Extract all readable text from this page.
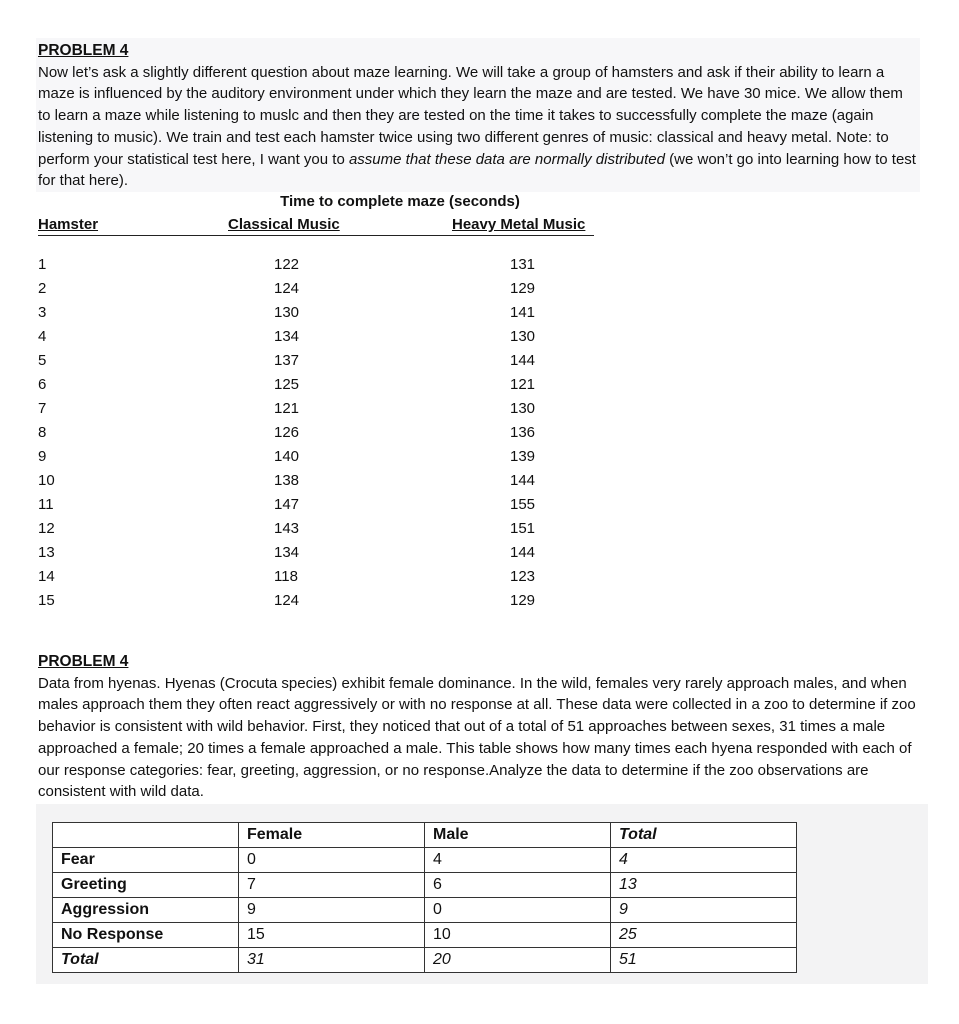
PROBLEM 4
Now let’s ask a slightly different question about maze learning. We will take a group of hamsters and ask if their ability to learn a maze is influenced by the auditory environment under which they learn the maze and are tested. We have 30 mice. We allow them to learn a maze while listening to muslc and then they are tested on the time it takes to successfully complete the maze (again listening to music). We train and test each hamster twice using two different genres of music: classical and heavy metal. Note: to perform your statistical test here, I want you to assume that these data are normally distributed (we won’t go into learning how to test for that here).
Time to complete maze (seconds)
Hamster	Classical Music	Heavy Metal Music
1	122	131
2	124	129
3	130	141
4	134	130
5	137	144
6	125	121
7	121	130
8	126	136
9	140	139
10	138	144
11	147	155
12	143	151
13	134	144
14	118	123
15	124	129
PROBLEM 4
Data from hyenas. Hyenas (Crocuta species) exhibit female dominance. In the wild, females very rarely approach males, and when males approach them they often react aggressively or with no response at all. These data were collected in a zoo to determine if zoo behavior is consistent with wild behavior. First, they noticed that out of a total of 51 approaches between sexes, 31 times a male approached a female; 20 times a female approached a male. This table shows how many times each hyena responded with each of our response categories: fear, greeting, aggression, or no response.Analyze the data to determine if the zoo observations are consistent with wild data.
	Female	Male	Total
Fear	0	4	4
Greeting	7	6	13
Aggression	9	0	9
No Response	15	10	25
Total	31	20	51
